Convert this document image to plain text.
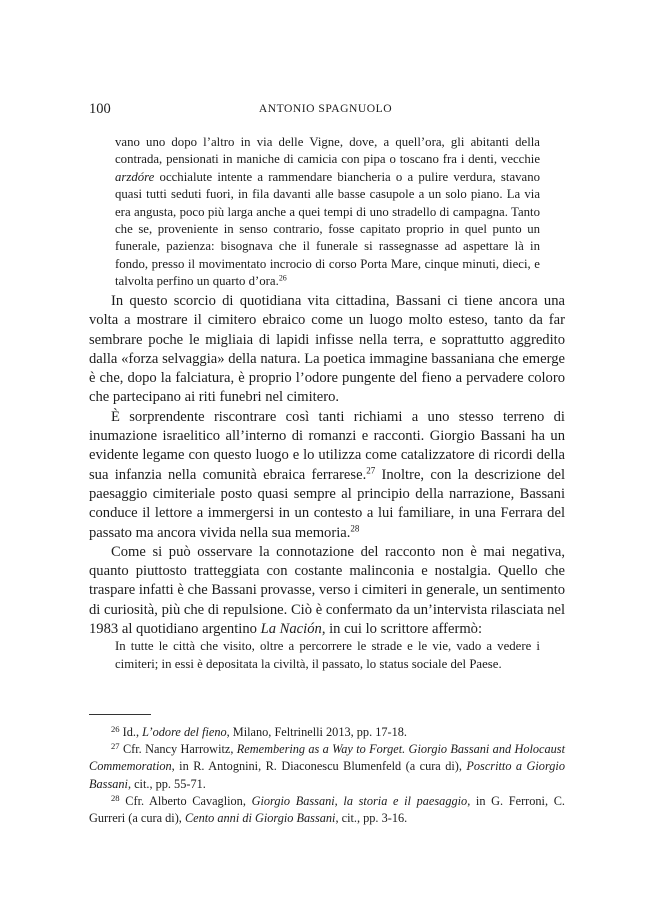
100	ANTONIO SPAGNUOLO

vano uno dopo l’altro in via delle Vigne, dove, a quell’ora, gli abitanti della contrada, pensionati in maniche di camicia con pipa o toscano fra i denti, vecchie arzdóre occhialute intente a rammendare biancheria o a pulire verdura, stavano quasi tutti seduti fuori, in fila davanti alle basse casupole a un solo piano. La via era angusta, poco più larga anche a quei tempi di uno stradello di campagna. Tanto che se, proveniente in senso contrario, fosse capitato proprio in quel punto un funerale, pazienza: bisognava che il funerale si rassegnasse ad aspettare là in fondo, presso il movimentato incrocio di corso Porta Mare, cinque minuti, dieci, e talvolta perfino un quarto d’ora.$^{26}$

In questo scorcio di quotidiana vita cittadina, Bassani ci tiene ancora una volta a mostrare il cimitero ebraico come un luogo molto esteso, tanto da far sembrare poche le migliaia di lapidi infisse nella terra, e soprattutto aggredito dalla «forza selvaggia» della natura. La poetica immagine bassaniana che emerge è che, dopo la falciatura, è proprio l’odore pungente del fieno a pervadere coloro che partecipano ai riti funebri nel cimitero.

È sorprendente riscontrare così tanti richiami a uno stesso terreno di inumazione israelitico all’interno di romanzi e racconti. Giorgio Bassani ha un evidente legame con questo luogo e lo utilizza come catalizzatore di ricordi della sua infanzia nella comunità ebraica ferrarese.$^{27}$ Inoltre, con la descrizione del paesaggio cimiteriale posto quasi sempre al principio della narrazione, Bassani conduce il lettore a immergersi in un contesto a lui familiare, in una Ferrara del passato ma ancora vivida nella sua memoria.$^{28}$

Come si può osservare la connotazione del racconto non è mai negativa, quanto piuttosto tratteggiata con costante malinconia e nostalgia. Quello che traspare infatti è che Bassani provasse, verso i cimiteri in generale, un sentimento di curiosità, più che di repulsione. Ciò è confermato da un’intervista rilasciata nel 1983 al quotidiano argentino La Nación, in cui lo scrittore affermò:

In tutte le città che visito, oltre a percorrere le strade e le vie, vado a vedere i cimiteri; in essi è depositata la civiltà, il passato, lo status sociale del Paese.

$^{26}$ Id., L’odore del fieno, Milano, Feltrinelli 2013, pp. 17-18.

$^{27}$ Cfr. Nancy Harrowitz, Remembering as a Way to Forget. Giorgio Bassani and Holocaust Commemoration, in R. Antognini, R. Diaconescu Blumenfeld (a cura di), Poscritto a Giorgio Bassani, cit., pp. 55-71.

$^{28}$ Cfr. Alberto Cavaglion, Giorgio Bassani, la storia e il paesaggio, in G. Ferroni, C. Gurreri (a cura di), Cento anni di Giorgio Bassani, cit., pp. 3-16.
